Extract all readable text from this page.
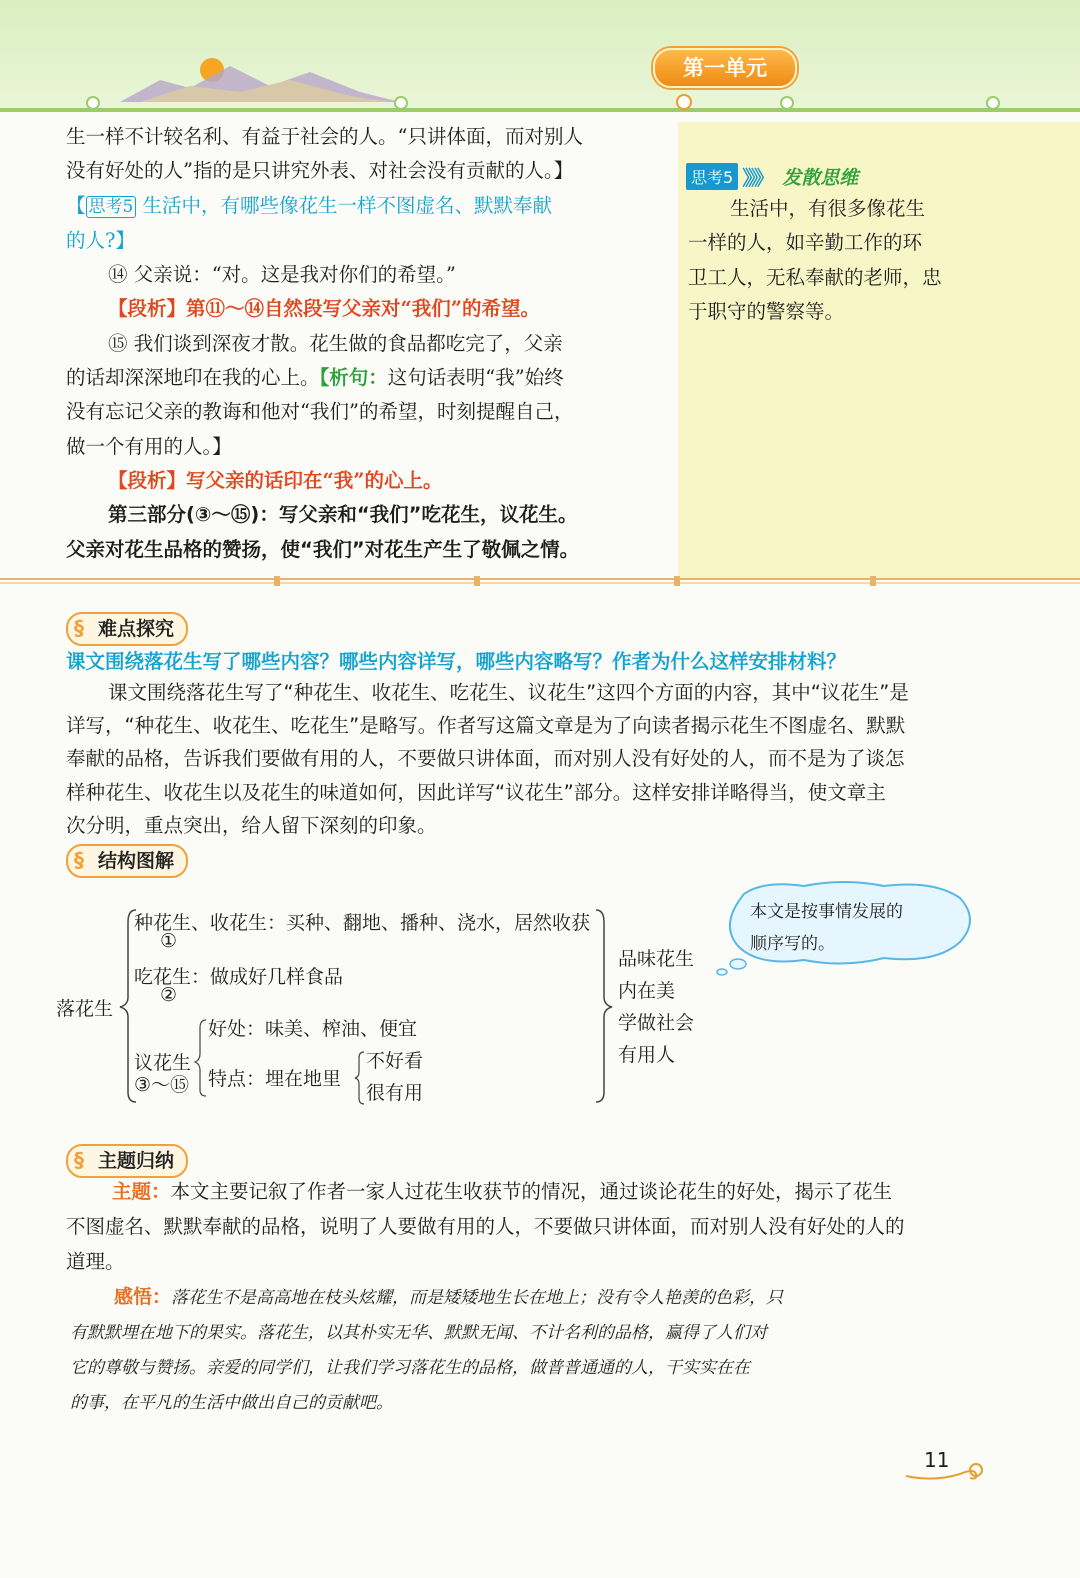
第一单元
生一样不计较名利、有益于社会的人。“只讲体面，而对别人
没有好处的人”指的是只讲究外表、对社会没有贡献的人。】
【 思考5 生活中，有哪些像花生一样不图虚名、默默奉献
的人?】
⑭ 父亲说：“对。这是我对你们的希望。”
【段析】第⑪～⑭自然段写父亲对“我们”的希望。
⑮ 我们谈到深夜才散。花生做的食品都吃完了，父亲
的话却深深地印在我的心上。【析句：这句话表明“我”始终
没有忘记父亲的教诲和他对“我们”的希望，时刻提醒自己，
做一个有用的人。】
【段析】写父亲的话印在“我”的心上。
第三部分(③～⑮)：写父亲和“我们”吃花生，议花生。
父亲对花生品格的赞扬，使“我们”对花生产生了敬佩之情。
思考5 》》》 发散思维
生活中，有很多像花生
一样的人，如辛勤工作的环
卫工人，无私奉献的老师，忠
于职守的警察等。
§ 难点探究
课文围绕落花生写了哪些内容？哪些内容详写，哪些内容略写？作者为什么这样安排材料？
课文围绕落花生写了“种花生、收花生、吃花生、议花生”这四个方面的内容，其中“议花生”是
详写，“种花生、收花生、吃花生”是略写。作者写这篇文章是为了向读者揭示花生不图虚名、默默
奉献的品格，告诉我们要做有用的人，不要做只讲体面，而对别人没有好处的人，而不是为了谈怎
样种花生、收花生以及花生的味道如何，因此详写“议花生”部分。这样安排详略得当，使文章主
次分明，重点突出，给人留下深刻的印象。
§ 结构图解
落花生
种花生、收花生：买种、翻地、播种、浇水，居然收获
①
吃花生：做成好几样食品
②
议花生
③～⑮
好处：味美、榨油、便宜
特点：埋在地里
不好看
很有用
品味花生
内在美
学做社会
有用人
本文是按事情发展的
顺序写的。
§ 主题归纳
主题：本文主要记叙了作者一家人过花生收获节的情况，通过谈论花生的好处，揭示了花生
不图虚名、默默奉献的品格，说明了人要做有用的人，不要做只讲体面，而对别人没有好处的人的
道理。
感悟：落花生不是高高地在枝头炫耀，而是矮矮地生长在地上；没有令人艳羡的色彩，只
有默默埋在地下的果实。落花生，以其朴实无华、默默无闻、不计名利的品格，赢得了人们对
它的尊敬与赞扬。亲爱的同学们，让我们学习落花生的品格，做普普通通的人，干实实在在
的事，在平凡的生活中做出自己的贡献吧。
11
